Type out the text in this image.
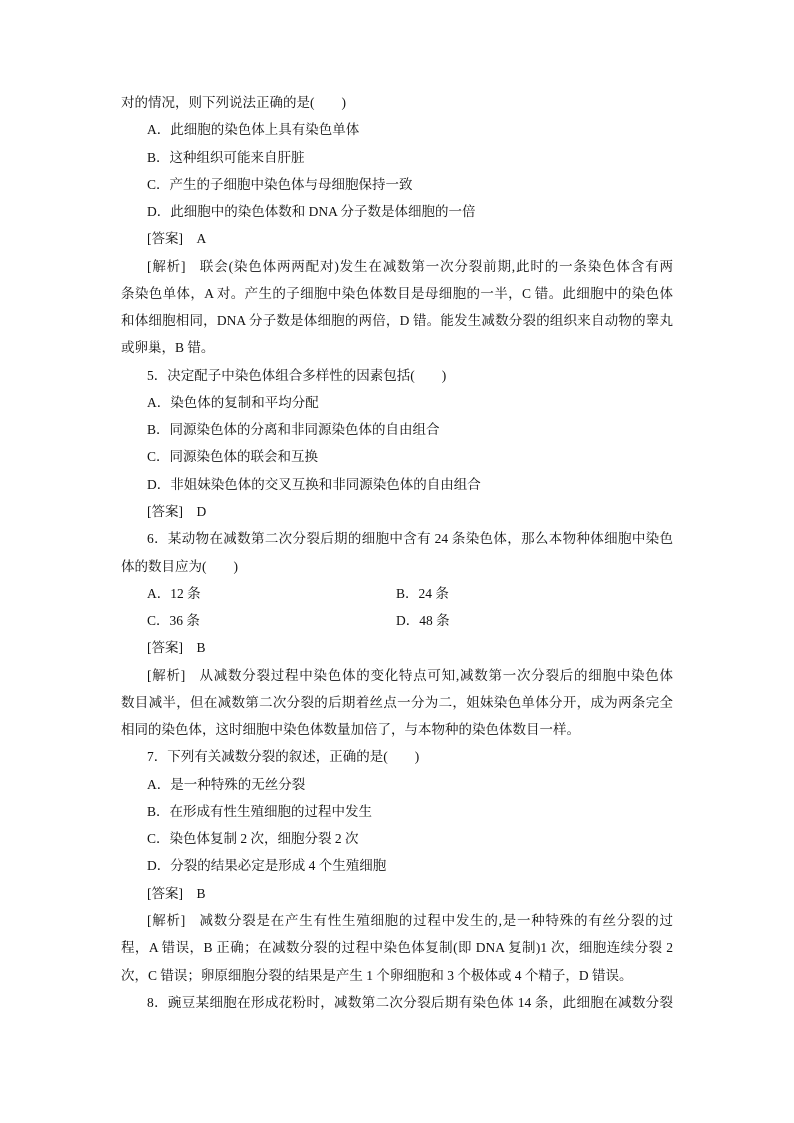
对的情况，则下列说法正确的是(　　)
A．此细胞的染色体上具有染色单体
B．这种组织可能来自肝脏
C．产生的子细胞中染色体与母细胞保持一致
D．此细胞中的染色体数和 DNA 分子数是体细胞的一倍
[答案] A
[解析] 联会(染色体两两配对)发生在减数第一次分裂前期,此时的一条染色体含有两
条染色单体，A 对。产生的子细胞中染色体数目是母细胞的一半，C 错。此细胞中的染色体
和体细胞相同，DNA 分子数是体细胞的两倍，D 错。能发生减数分裂的组织来自动物的睾丸
或卵巢，B 错。
5．决定配子中染色体组合多样性的因素包括(　　)
A．染色体的复制和平均分配
B．同源染色体的分离和非同源染色体的自由组合
C．同源染色体的联会和互换
D．非姐妹染色体的交叉互换和非同源染色体的自由组合
[答案] D
6．某动物在减数第二次分裂后期的细胞中含有 24 条染色体，那么本物种体细胞中染色
体的数目应为(　　)
A．12 条	B．24 条
C．36 条	D．48 条
[答案] B
[解析] 从减数分裂过程中染色体的变化特点可知,减数第一次分裂后的细胞中染色体
数目减半，但在减数第二次分裂的后期着丝点一分为二，姐妹染色单体分开，成为两条完全
相同的染色体，这时细胞中染色体数量加倍了，与本物种的染色体数目一样。
7．下列有关减数分裂的叙述，正确的是(　　)
A．是一种特殊的无丝分裂
B．在形成有性生殖细胞的过程中发生
C．染色体复制 2 次，细胞分裂 2 次
D．分裂的结果必定是形成 4 个生殖细胞
[答案] B
[解析] 减数分裂是在产生有性生殖细胞的过程中发生的,是一种特殊的有丝分裂的过
程，A 错误，B 正确；在减数分裂的过程中染色体复制(即 DNA 复制)1 次，细胞连续分裂 2
次，C 错误；卵原细胞分裂的结果是产生 1 个卵细胞和 3 个极体或 4 个精子，D 错误。
8．豌豆某细胞在形成花粉时，减数第二次分裂后期有染色体 14 条，此细胞在减数分裂
